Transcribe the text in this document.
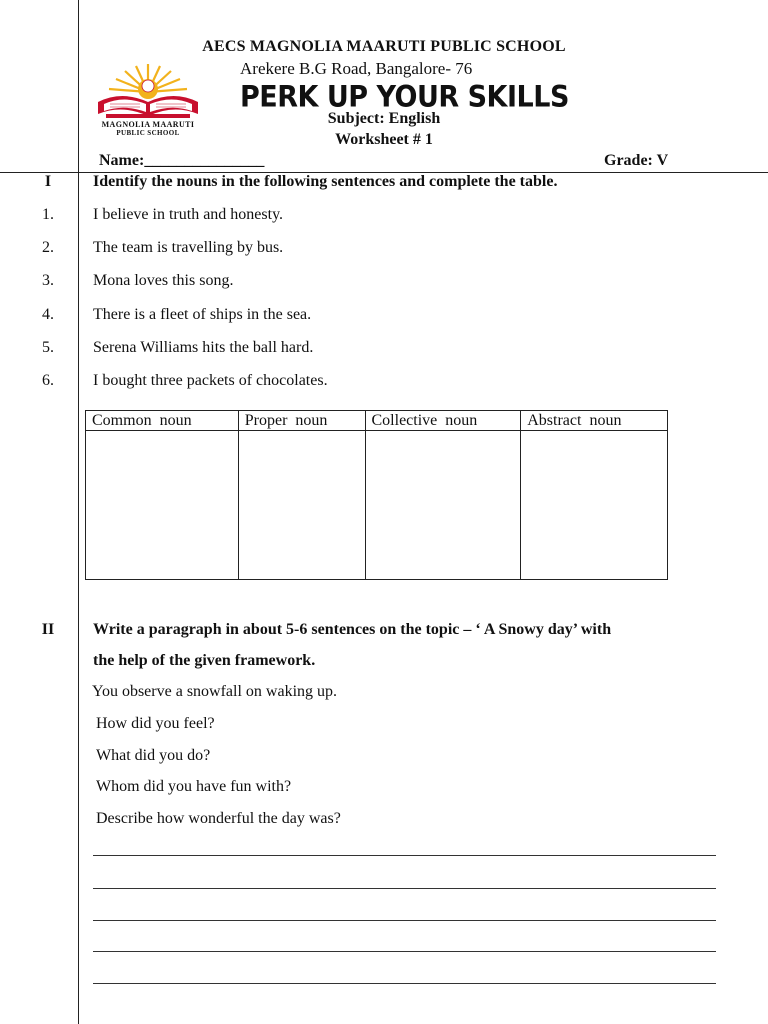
AECS MAGNOLIA MAARUTI PUBLIC SCHOOL
Arekere B.G Road, Bangalore- 76
PERK UP YOUR SKILLS
Subject: English
Worksheet # 1
Name:_______________	Grade: V
MAGNOLIA MAARUTI
PUBLIC SCHOOL
I	Identify the nouns in the following sentences and complete the table.
1.	I believe in truth and honesty.
2.	The team is travelling by bus.
3.	Mona loves this song.
4.	There is a fleet of ships in the sea.
5.	Serena Williams hits the ball hard.
6.	I bought three packets of chocolates.
Common noun	Proper noun	Collective noun	Abstract noun

II	Write a paragraph in about 5-6 sentences on the topic – ‘ A Snowy day’ with
the help of the given framework.
You observe a snowfall on waking up.
How did you feel?
What did you do?
Whom did you have fun with?
Describe how wonderful the day was?
